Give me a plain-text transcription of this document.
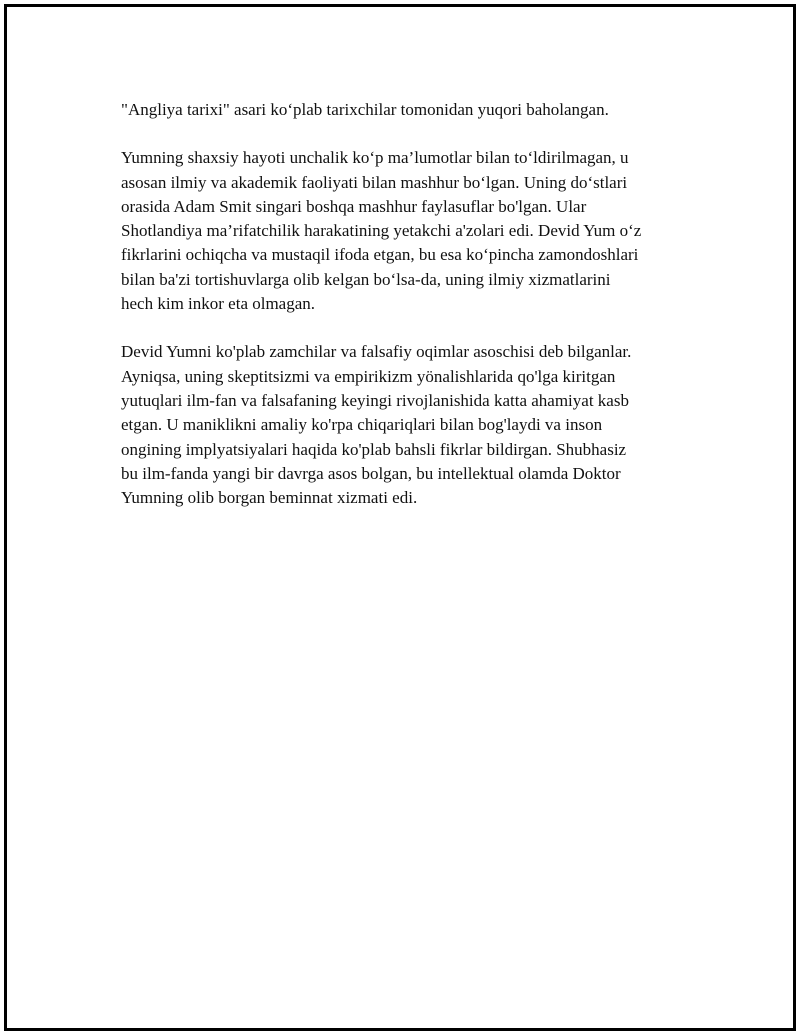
"Angliya tarixi" asari ko‘plab tarixchilar tomonidan yuqori baholangan.

Yumning shaxsiy hayoti unchalik ko‘p ma’lumotlar bilan to‘ldirilmagan, u
asosan ilmiy va akademik faoliyati bilan mashhur bo‘lgan. Uning do‘stlari
orasida Adam Smit singari boshqa mashhur faylasuflar bo'lgan. Ular
Shotlandiya ma’rifatchilik harakatining yetakchi a'zolari edi. Devid Yum o‘z
fikrlarini ochiqcha va mustaqil ifoda etgan, bu esa ko‘pincha zamondoshlari
bilan ba'zi tortishuvlarga olib kelgan bo‘lsa-da, uning ilmiy xizmatlarini
hech kim inkor eta olmagan.

Devid Yumni ko'plab zamchilar va falsafiy oqimlar asoschisi deb bilganlar.
Ayniqsa, uning skeptitsizmi va empirikizm yönalishlarida qo'lga kiritgan
yutuqlari ilm-fan va falsafaning keyingi rivojlanishida katta ahamiyat kasb
etgan. U maniklikni amaliy ko'rpa chiqariqlari bilan bog'laydi va inson
ongining implyatsiyalari haqida ko'plab bahsli fikrlar bildirgan. Shubhasiz
bu ilm-fanda yangi bir davrga asos bolgan, bu intellektual olamda Doktor
Yumning olib borgan beminnat xizmati edi.
